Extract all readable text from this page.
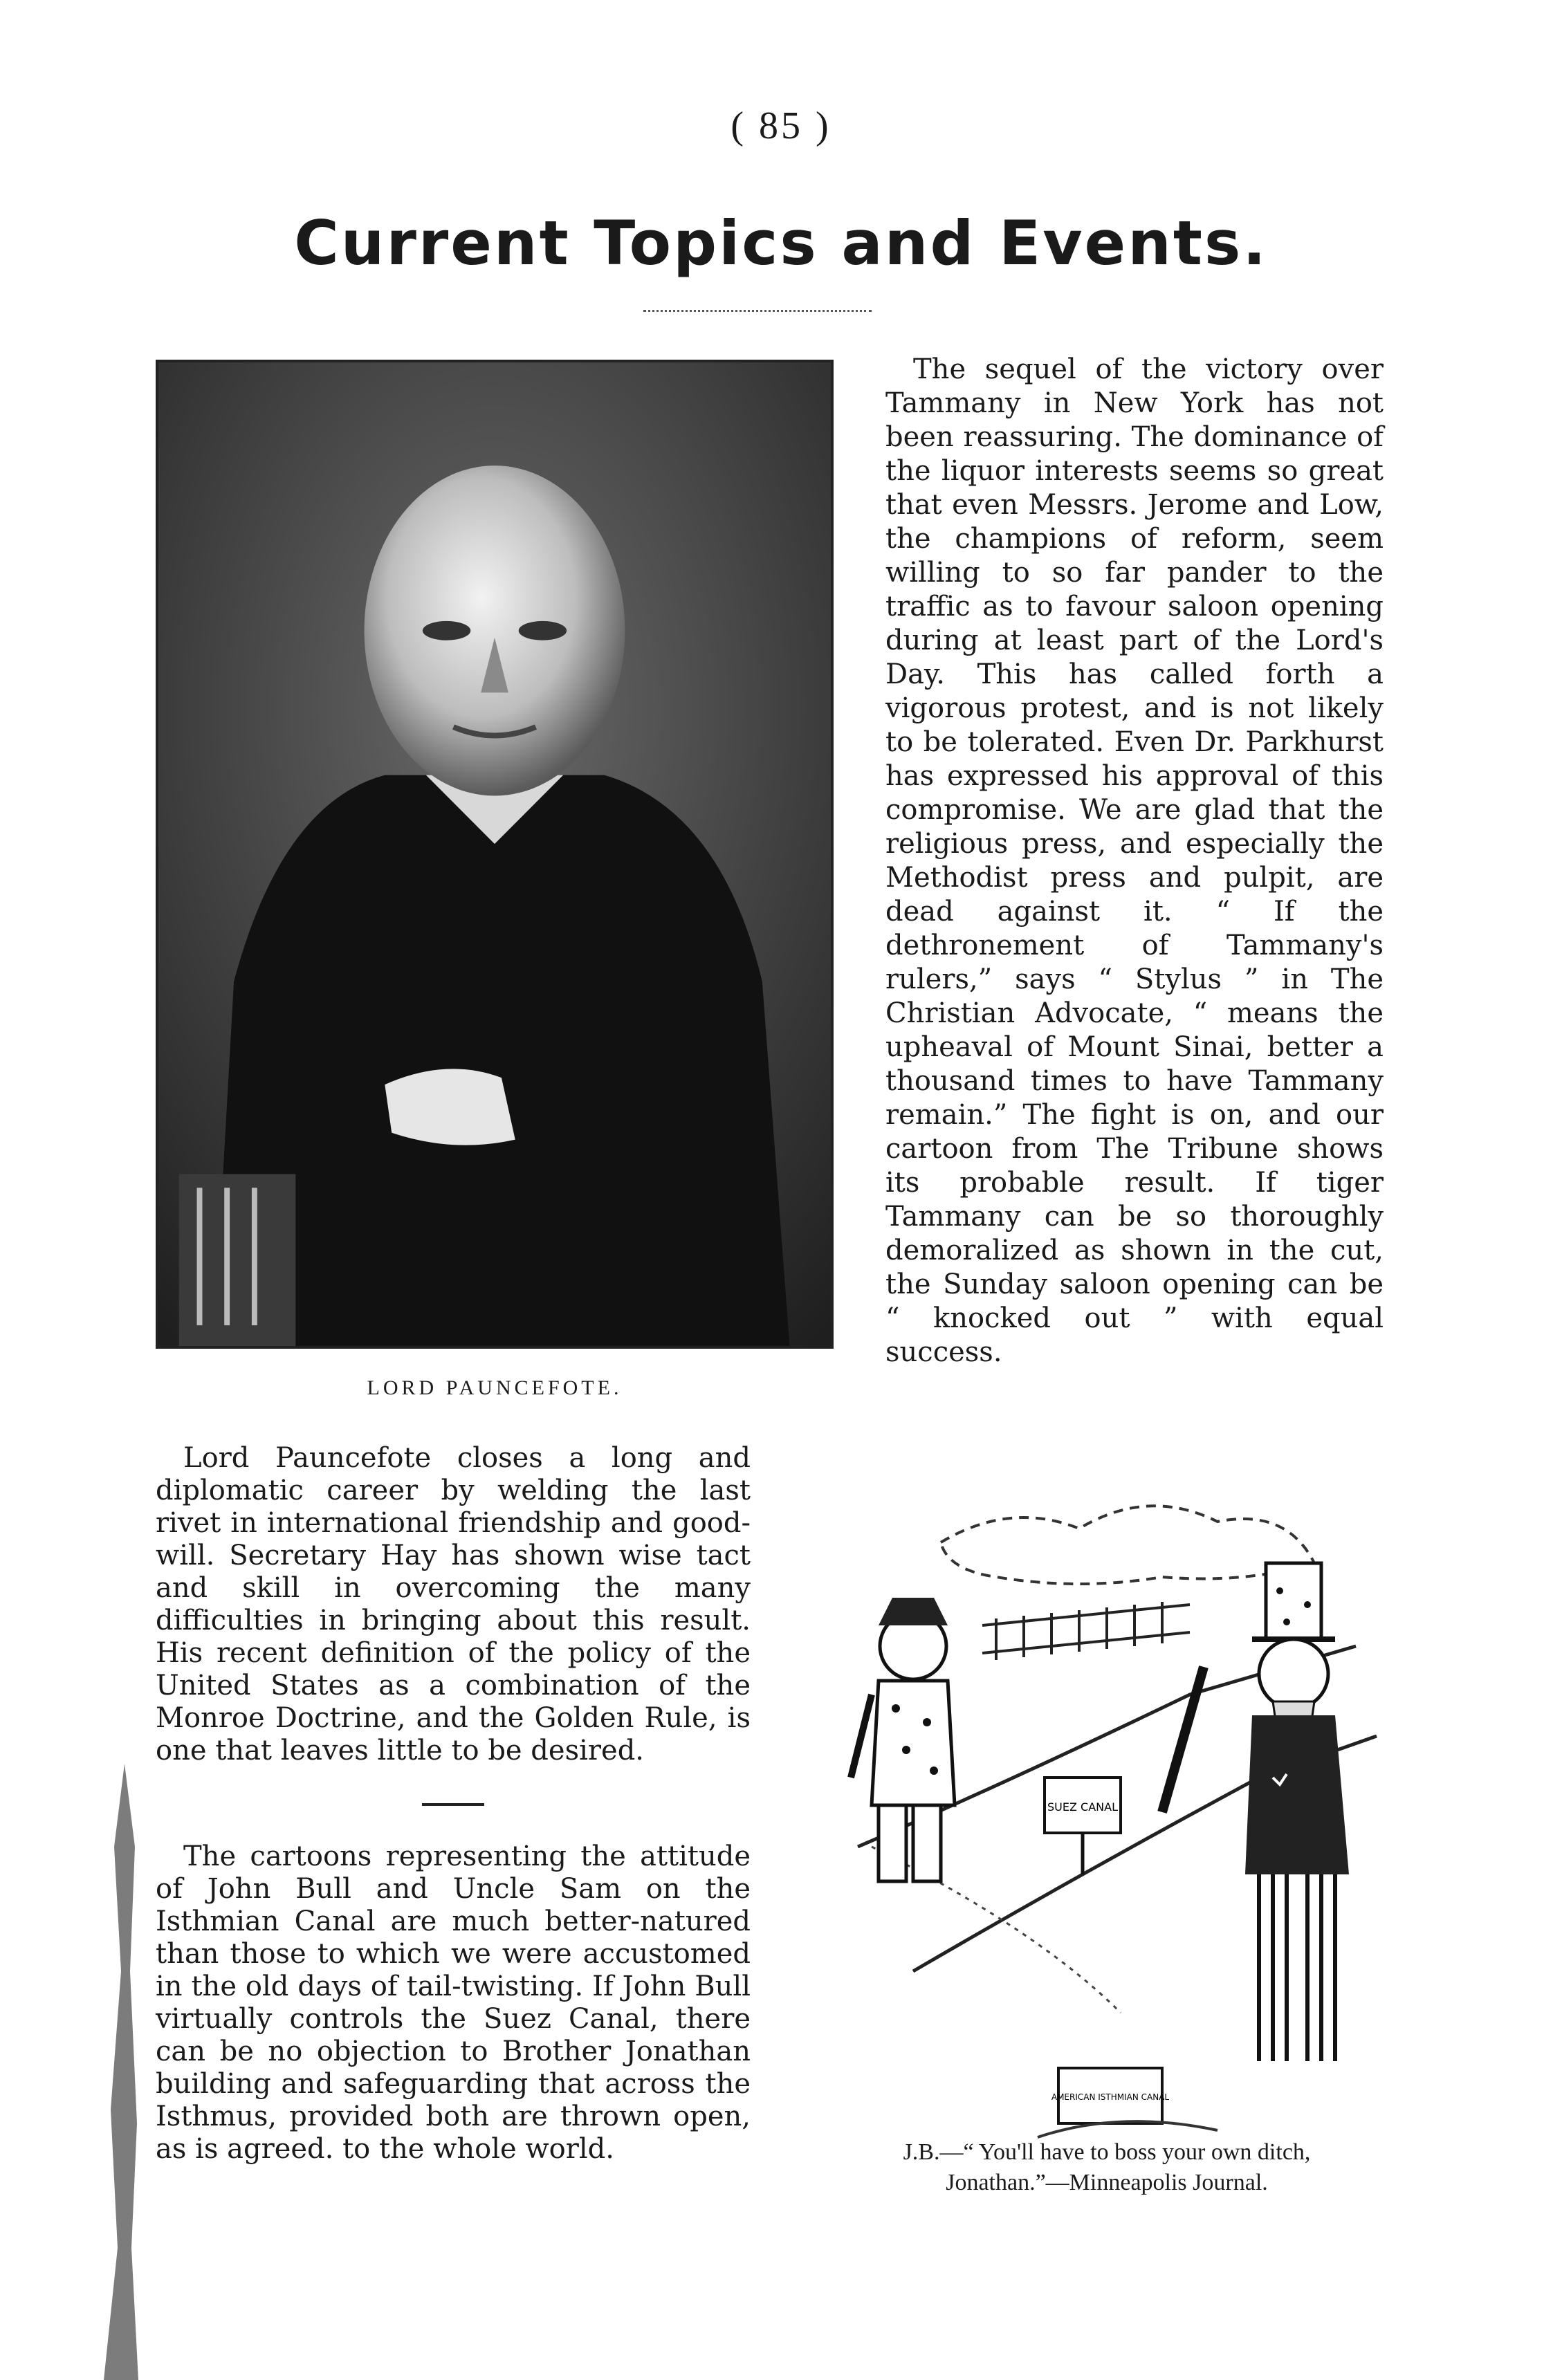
( 85 )
Current Topics and Events.
LORD PAUNCEFOTE.

Lord Pauncefote closes a long and diplomatic career by welding the last rivet in international friendship and good-will. Secretary Hay has shown wise tact and skill in overcoming the many difficulties in bringing about this result. His recent definition of the policy of the United States as a combination of the Monroe Doctrine, and the Golden Rule, is one that leaves little to be desired.

The cartoons representing the attitude of John Bull and Uncle Sam on the Isthmian Canal are much better-natured than those to which we were accustomed in the old days of tail-twisting. If John Bull virtually controls the Suez Canal, there can be no objection to Brother Jonathan building and safeguarding that across the Isthmus, provided both are thrown open, as is agreed. to the whole world.

The sequel of the victory over Tammany in New York has not been reassuring. The dominance of the liquor interests seems so great that even Messrs. Jerome and Low, the champions of reform, seem willing to so far pander to the traffic as to favour saloon opening during at least part of the Lord's Day. This has called forth a vigorous protest, and is not likely to be tolerated. Even Dr. Parkhurst has expressed his approval of this compromise. We are glad that the religious press, and especially the Methodist press and pulpit, are dead against it. “ If the dethronement of Tammany's rulers,” says “ Stylus ” in The Christian Advocate, “ means the upheaval of Mount Sinai, better a thousand times to have Tammany remain.” The fight is on, and our cartoon from The Tribune shows its probable result. If tiger Tammany can be so thoroughly demoralized as shown in the cut, the Sunday saloon opening can be “ knocked out ” with equal success.

SUEZ CANAL
AMERICAN ISTHMIAN CANAL
J.B.—“ You'll have to boss your own ditch,
Jonathan.”—Minneapolis Journal.
